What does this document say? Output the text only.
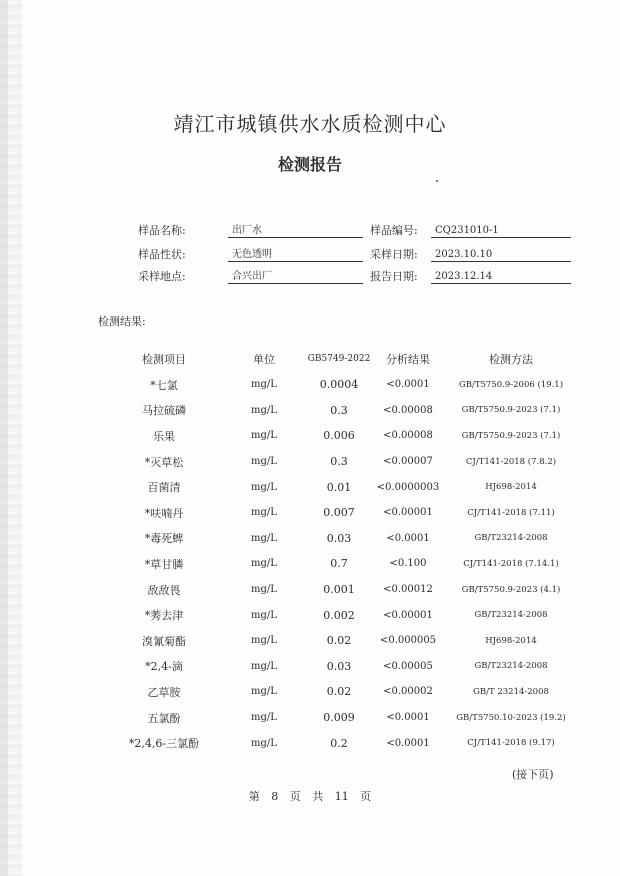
靖江市城镇供水水质检测中心
检测报告
样品名称:	出厂水	样品编号:	CQ231010-1
样品性状:	无色透明	采样日期:	2023.10.10
采样地点:	合兴出厂	报告日期:	2023.12.14
检测结果:
检测项目	单位	GB5749-2022	分析结果	检测方法
*七氯	mg/L	0.0004	<0.0001	GB/T5750.9-2006 (19.1)
马拉硫磷	mg/L	0.3	<0.00008	GB/T5750.9-2023 (7.1)
乐果	mg/L	0.006	<0.00008	GB/T5750.9-2023 (7.1)
*灭草松	mg/L	0.3	<0.00007	CJ/T141-2018 (7.8.2)
百菌清	mg/L	0.01	<0.0000003	HJ698-2014
*呋喃丹	mg/L	0.007	<0.00001	CJ/T141-2018 (7.11)
*毒死蜱	mg/L	0.03	<0.0001	GB/T23214-2008
*草甘膦	mg/L	0.7	<0.100	CJ/T141-2018 (7.14.1)
敌敌畏	mg/L	0.001	<0.00012	GB/T5750.9-2023 (4.1)
*莠去津	mg/L	0.002	<0.00001	GB/T23214-2008
溴氰菊酯	mg/L	0.02	<0.000005	HJ698-2014
*2,4-滴	mg/L	0.03	<0.00005	GB/T23214-2008
乙草胺	mg/L	0.02	<0.00002	GB/T 23214-2008
五氯酚	mg/L	0.009	<0.0001	GB/T5750.10-2023 (19.2)
*2,4,6-三氯酚	mg/L	0.2	<0.0001	CJ/T141-2018 (9.17)
(接下页)
第 8 页 共 11 页
